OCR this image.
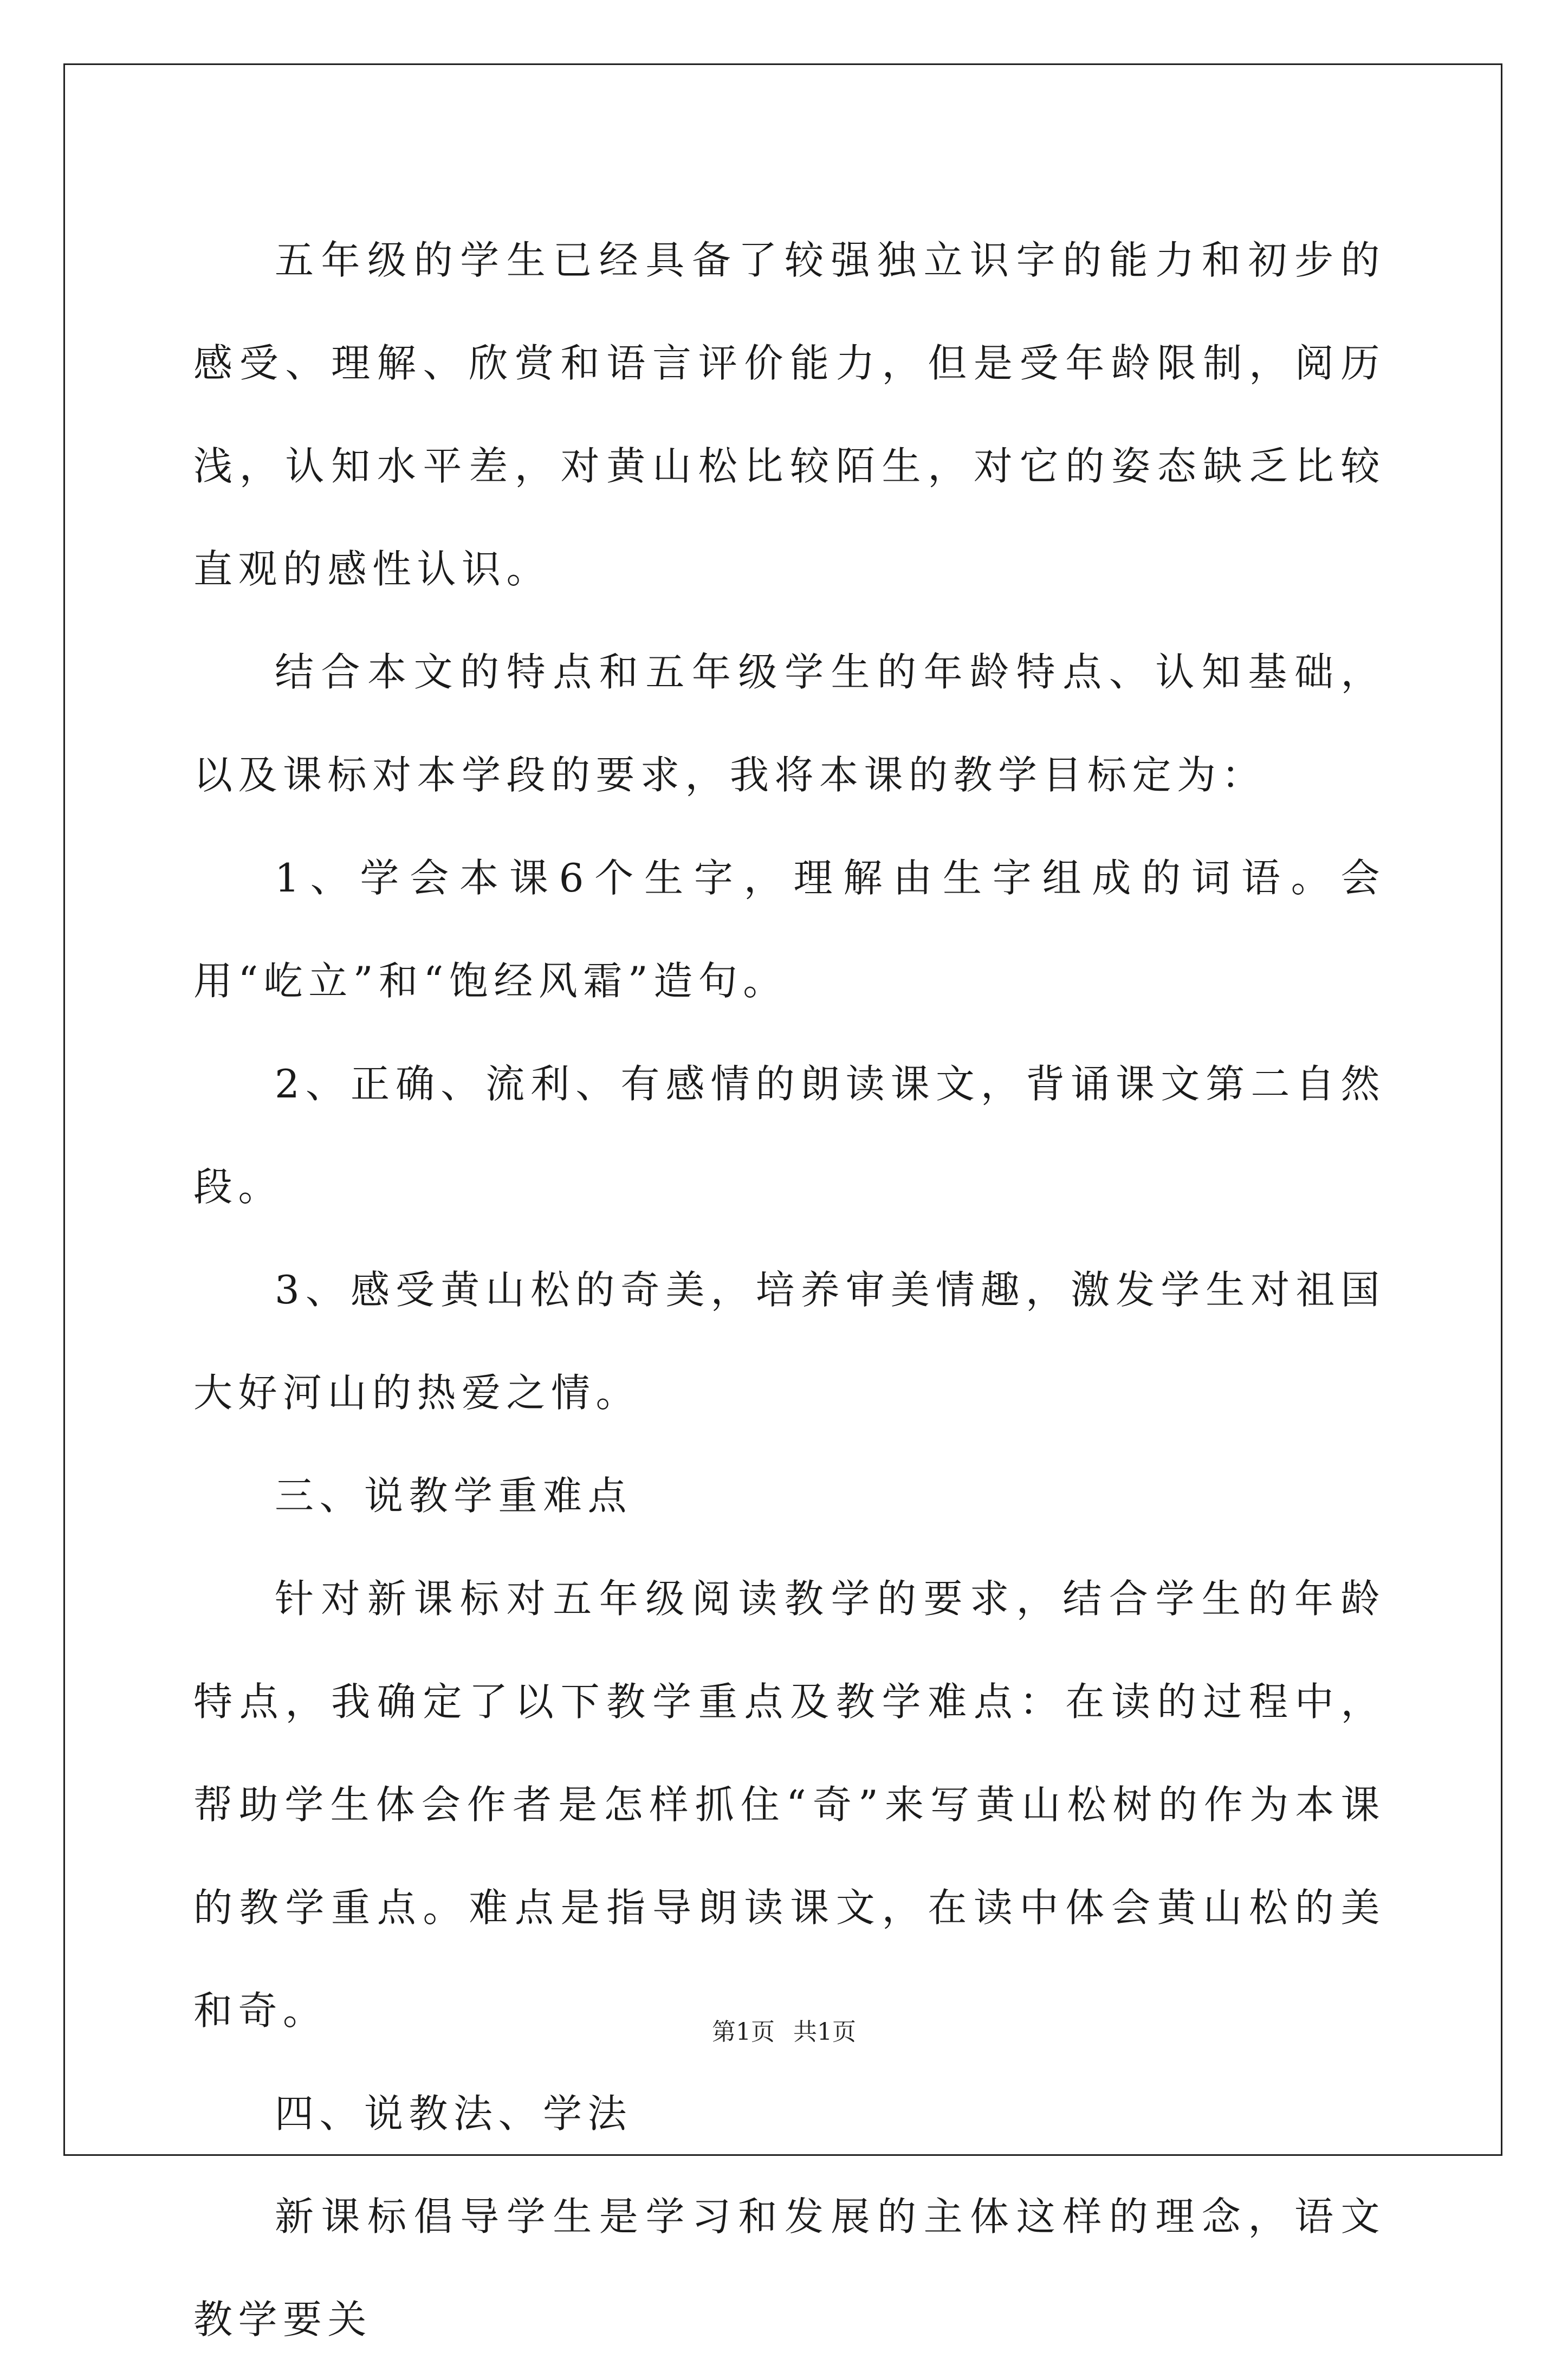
五年级的学生已经具备了较强独立识字的能力和初步的感受、理解、欣赏和语言评价能力，但是受年龄限制，阅历浅，认知水平差，对黄山松比较陌生，对它的姿态缺乏比较直观的感性认识。

结合本文的特点和五年级学生的年龄特点、认知基础，以及课标对本学段的要求，我将本课的教学目标定为：

1、学会本课6个生字，理解由生字组成的词语。会用“屹立”和“饱经风霜”造句。

2、正确、流利、有感情的朗读课文，背诵课文第二自然段。

3、感受黄山松的奇美，培养审美情趣，激发学生对祖国大好河山的热爱之情。

三、说教学重难点

针对新课标对五年级阅读教学的要求，结合学生的年龄特点，我确定了以下教学重点及教学难点：在读的过程中，帮助学生体会作者是怎样抓住“奇”来写黄山松树的作为本课的教学重点。难点是指导朗读课文，在读中体会黄山松的美和奇。

四、说教法、学法

新课标倡导学生是学习和发展的主体这样的理念，语文教学要关

第1页 共1页
